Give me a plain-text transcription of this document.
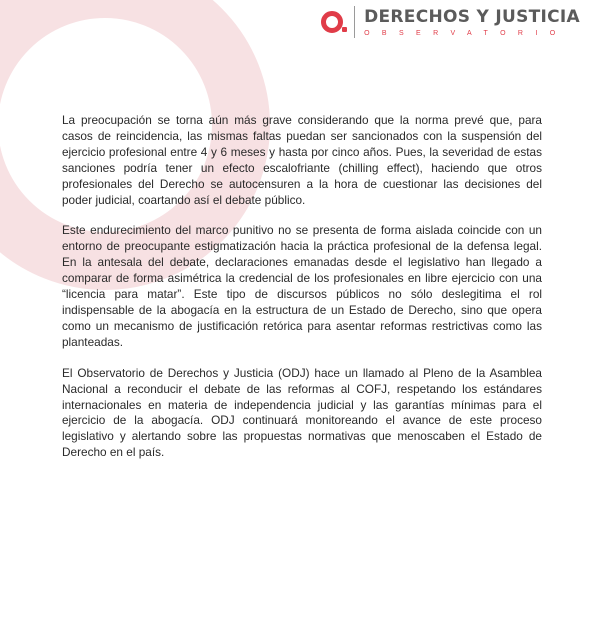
DERECHOS Y JUSTICIA
OBSERVATORIO

La preocupación se torna aún más grave considerando que la norma prevé que, para casos de reincidencia, las mismas faltas puedan ser sancionados con la suspensión del ejercicio profesional entre 4 y 6 meses y hasta por cinco años. Pues, la severidad de estas sanciones podría tener un efecto escalofriante (chilling effect), haciendo que otros profesionales del Derecho se autocensuren a la hora de cuestionar las decisiones del poder judicial, coartando así el debate público.

Este endurecimiento del marco punitivo no se presenta de forma aislada coincide con un entorno de preocupante estigmatización hacia la práctica profesional de la defensa legal. En la antesala del debate, declaraciones emanadas desde el legislativo han llegado a comparar de forma asimétrica la credencial de los profesionales en libre ejercicio con una “licencia para matar”. Este tipo de discursos públicos no sólo deslegitima el rol indispensable de la abogacía en la estructura de un Estado de Derecho, sino que opera como un mecanismo de justificación retórica para asentar reformas restrictivas como las planteadas.

El Observatorio de Derechos y Justicia (ODJ) hace un llamado al Pleno de la Asamblea Nacional a reconducir el debate de las reformas al COFJ, respetando los estándares internacionales en materia de independencia judicial y las garantías mínimas para el ejercicio de la abogacía. ODJ continuará monitoreando el avance de este proceso legislativo y alertando sobre las propuestas normativas que menoscaben el Estado de Derecho en el país.
